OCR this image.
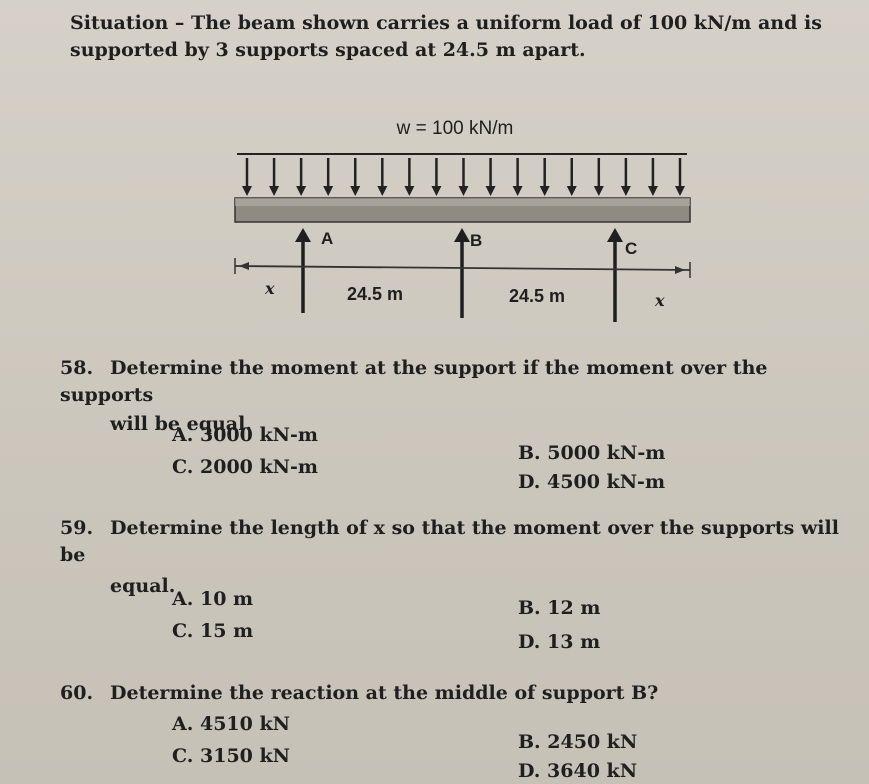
Situation – The beam shown carries a uniform load of 100 kN/m and is
supported by 3 supports spaced at 24.5 m apart.
w = 100 kN/m
A	B	C
x	24.5 m	24.5 m	x
58. Determine the moment at the support if the moment over the supports
will be equal.
A. 3000 kN-m
B. 5000 kN-m
C. 2000 kN-m
D. 4500 kN-m
59. Determine the length of x so that the moment over the supports will be
equal.
A. 10 m	B. 12 m
C. 15 m	D. 13 m
60. Determine the reaction at the middle of support B?
A. 4510 kN
B. 2450 kN
C. 3150 kN
D. 3640 kN
